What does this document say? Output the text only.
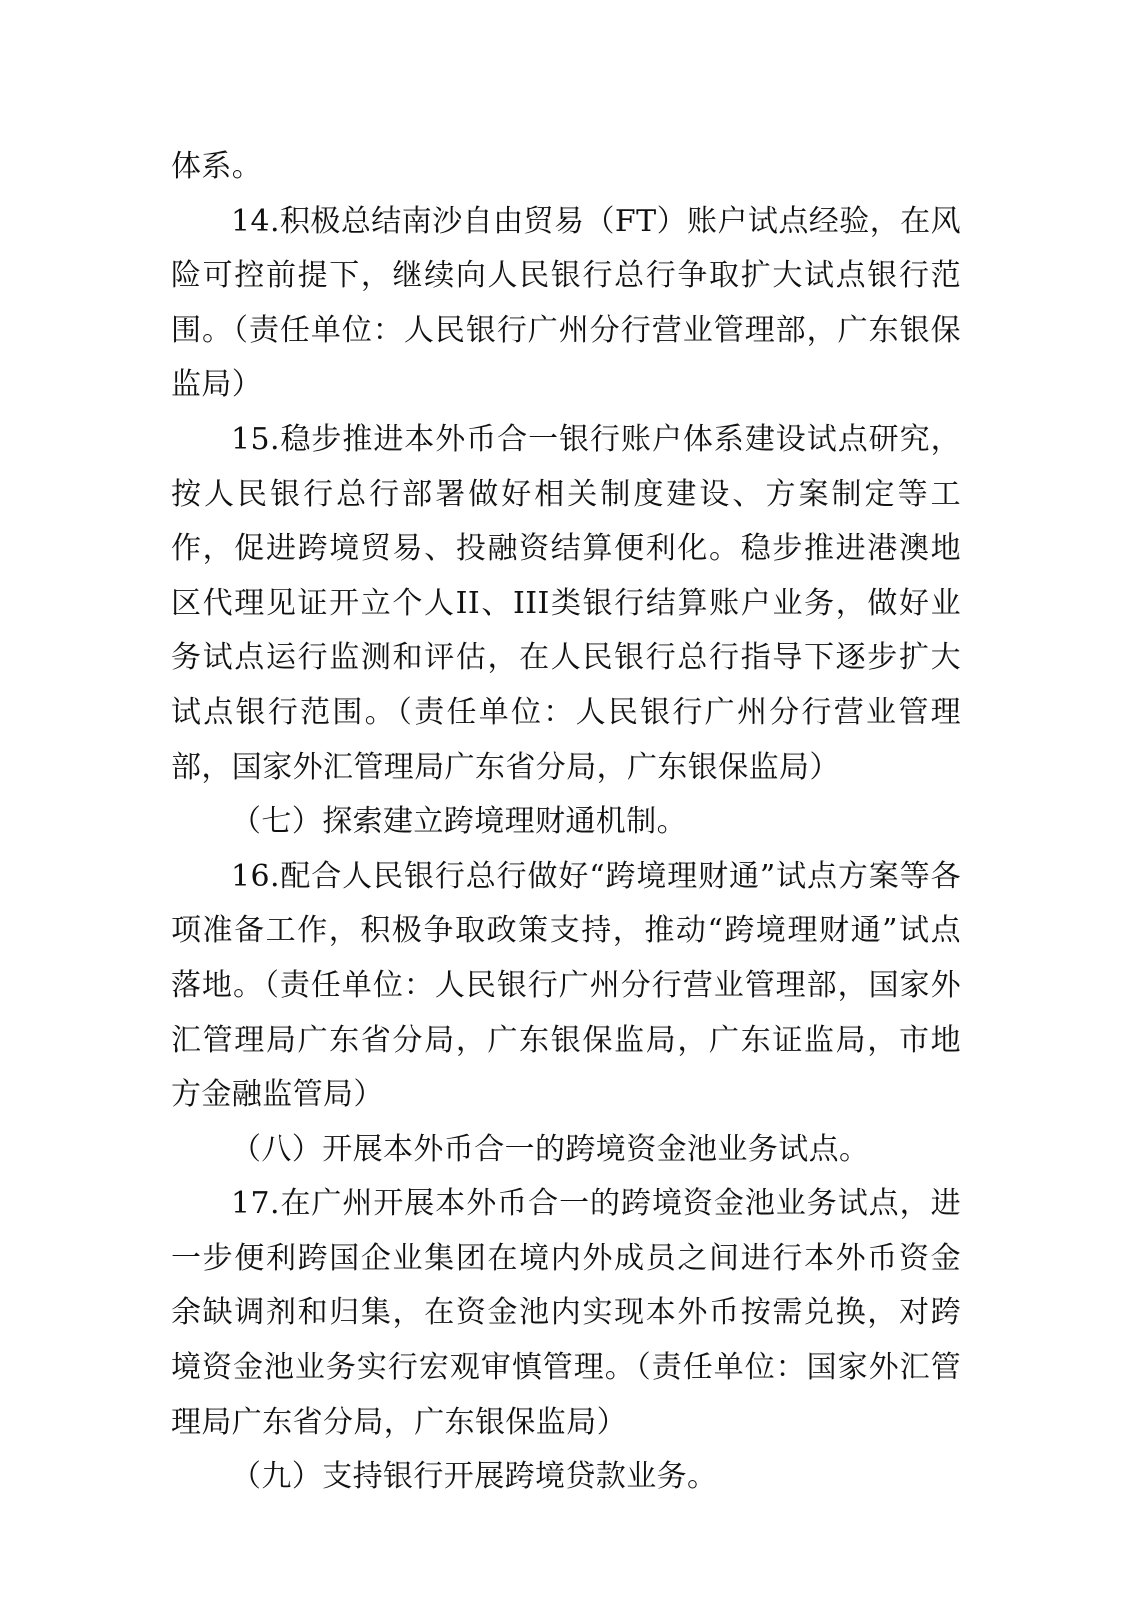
体系。

14.积极总结南沙自由贸易（FT）账户试点经验，在风险可控前提下，继续向人民银行总行争取扩大试点银行范围。（责任单位：人民银行广州分行营业管理部，广东银保监局）

15.稳步推进本外币合一银行账户体系建设试点研究，按人民银行总行部署做好相关制度建设、方案制定等工作，促进跨境贸易、投融资结算便利化。稳步推进港澳地区代理见证开立个人II、III类银行结算账户业务，做好业务试点运行监测和评估，在人民银行总行指导下逐步扩大试点银行范围。（责任单位：人民银行广州分行营业管理部，国家外汇管理局广东省分局，广东银保监局）

（七）探索建立跨境理财通机制。

16.配合人民银行总行做好“跨境理财通”试点方案等各项准备工作，积极争取政策支持，推动“跨境理财通”试点落地。（责任单位：人民银行广州分行营业管理部，国家外汇管理局广东省分局，广东银保监局，广东证监局，市地方金融监管局）

（八）开展本外币合一的跨境资金池业务试点。

17.在广州开展本外币合一的跨境资金池业务试点，进一步便利跨国企业集团在境内外成员之间进行本外币资金余缺调剂和归集，在资金池内实现本外币按需兑换，对跨境资金池业务实行宏观审慎管理。（责任单位：国家外汇管理局广东省分局，广东银保监局）

（九）支持银行开展跨境贷款业务。
